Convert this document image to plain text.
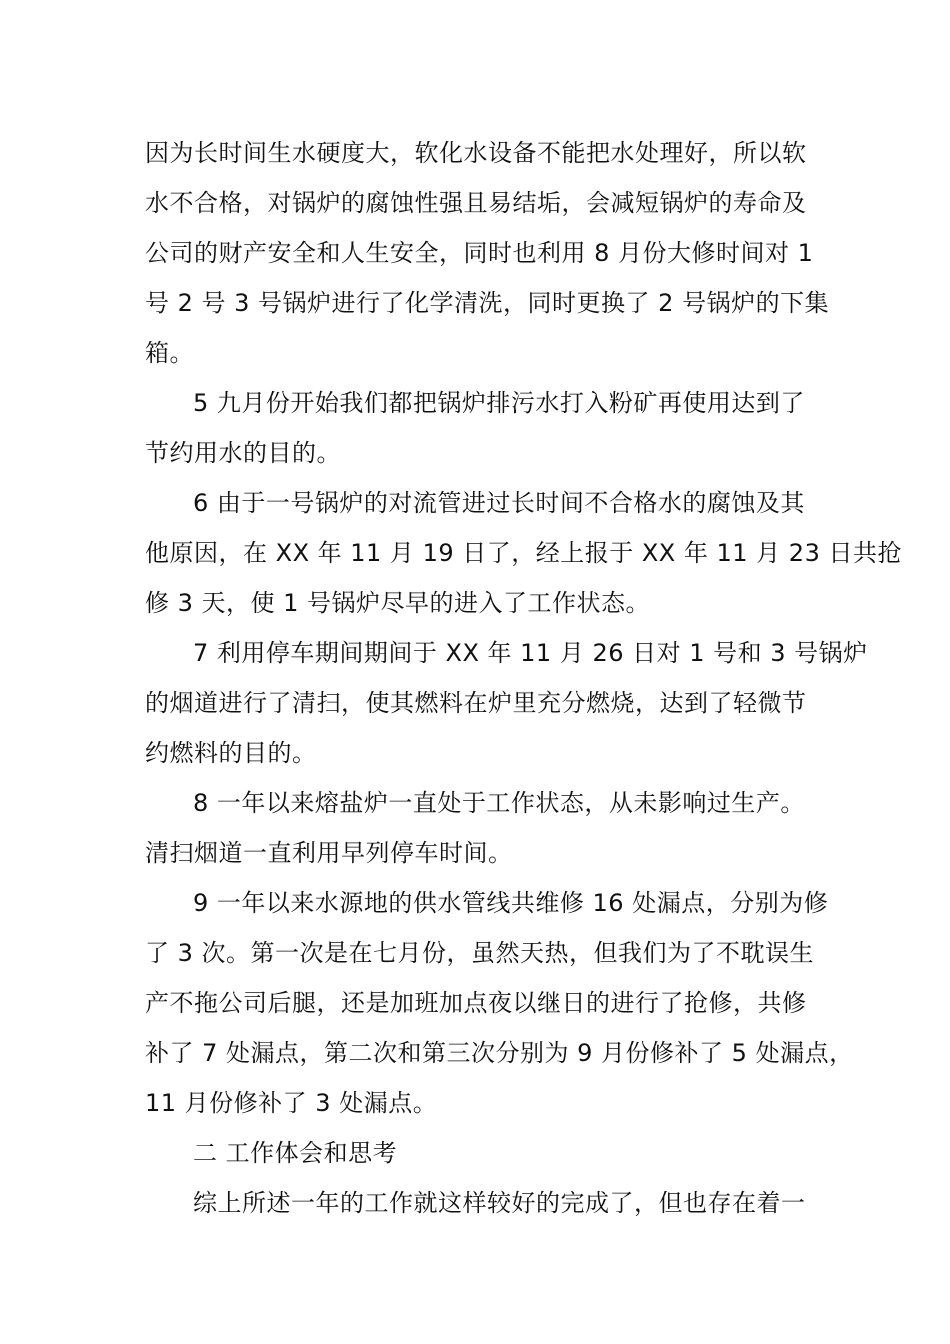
因为长时间生水硬度大，软化水设备不能把水处理好，所以软
水不合格，对锅炉的腐蚀性强且易结垢，会减短锅炉的寿命及
公司的财产安全和人生安全，同时也利用 8 月份大修时间对 1
号 2 号 3 号锅炉进行了化学清洗，同时更换了 2 号锅炉的下集
箱。
5 九月份开始我们都把锅炉排污水打入粉矿再使用达到了
节约用水的目的。
6 由于一号锅炉的对流管进过长时间不合格水的腐蚀及其
他原因，在 XX 年 11 月 19 日了，经上报于 XX 年 11 月 23 日共抢
修 3 天，使 1 号锅炉尽早的进入了工作状态。
7 利用停车期间期间于 XX 年 11 月 26 日对 1 号和 3 号锅炉
的烟道进行了清扫，使其燃料在炉里充分燃烧，达到了轻微节
约燃料的目的。
8 一年以来熔盐炉一直处于工作状态，从未影响过生产。
清扫烟道一直利用早列停车时间。
9 一年以来水源地的供水管线共维修 16 处漏点，分别为修
了 3 次。第一次是在七月份，虽然天热，但我们为了不耽误生
产不拖公司后腿，还是加班加点夜以继日的进行了抢修，共修
补了 7 处漏点，第二次和第三次分别为 9 月份修补了 5 处漏点，
11 月份修补了 3 处漏点。
二 工作体会和思考
综上所述一年的工作就这样较好的完成了，但也存在着一
